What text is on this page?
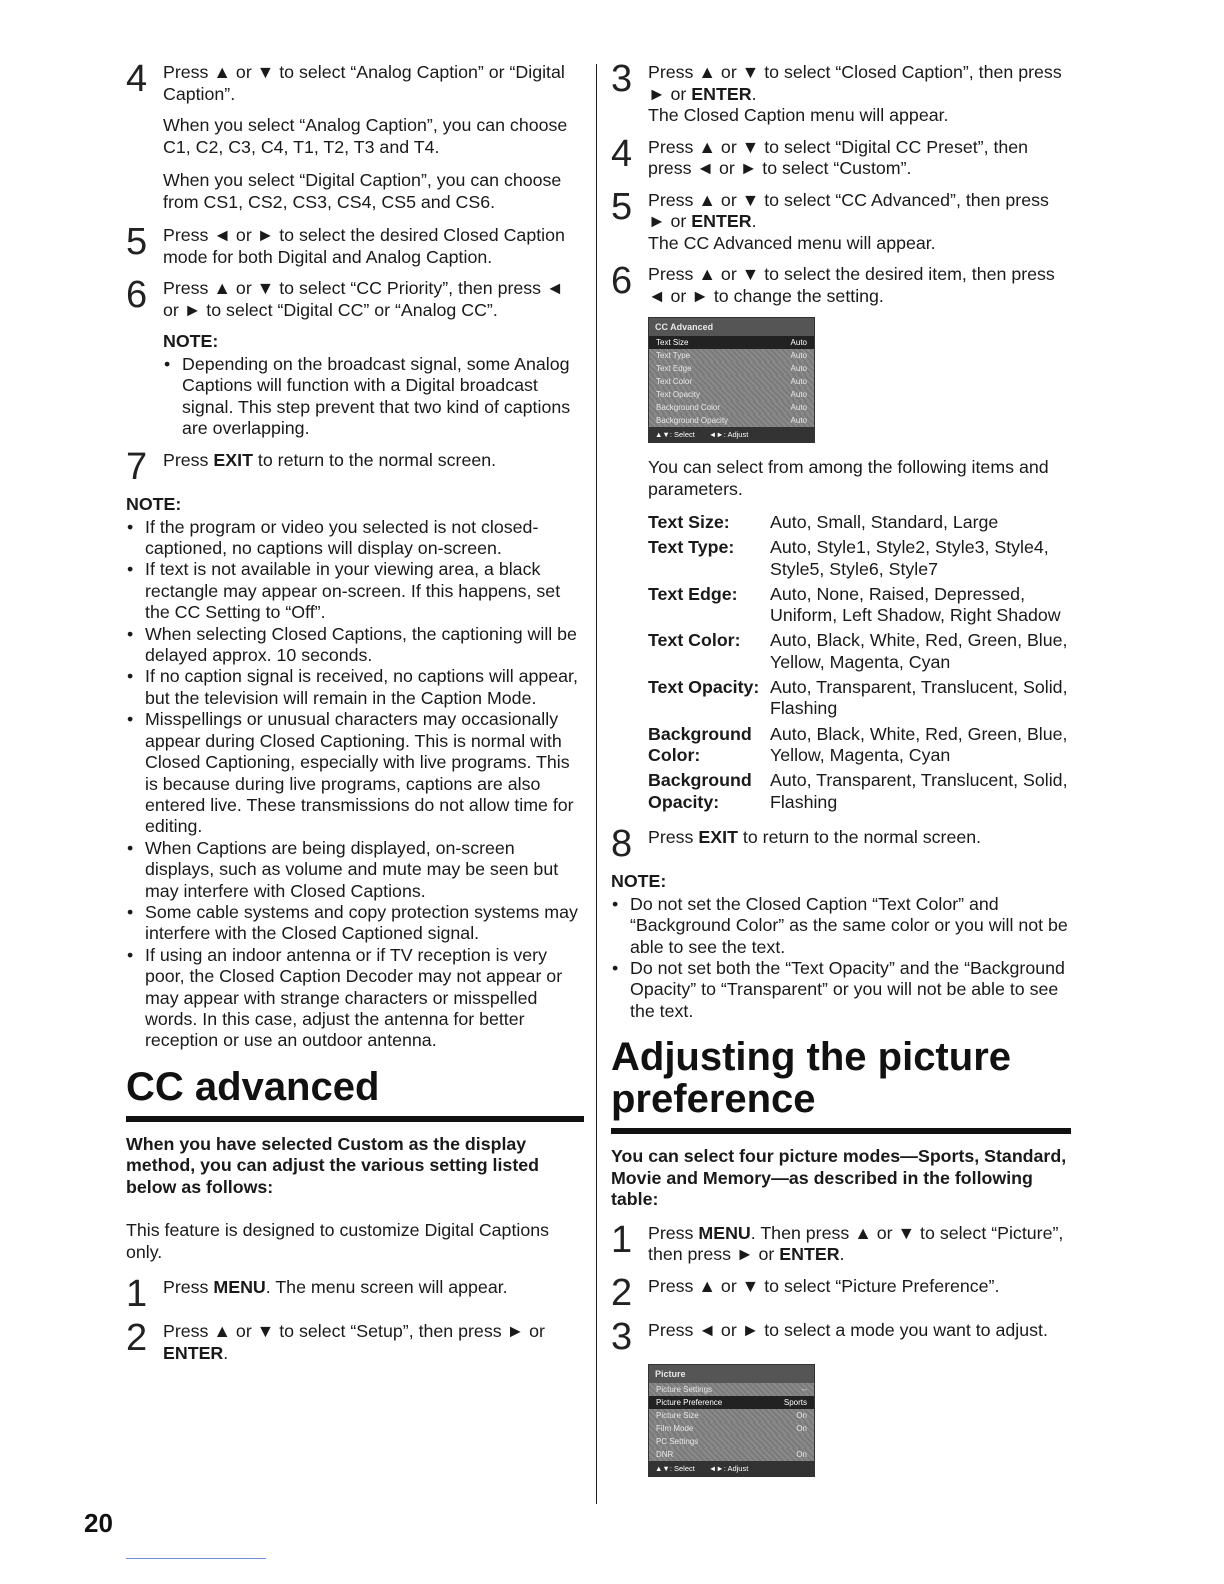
4 Press ▲ or ▼ to select “Analog Caption” or “Digital Caption”.
When you select “Analog Caption”, you can choose C1, C2, C3, C4, T1, T2, T3 and T4.
When you select “Digital Caption”, you can choose from CS1, CS2, CS3, CS4, CS5 and CS6.
5 Press ◄ or ► to select the desired Closed Caption mode for both Digital and Analog Caption.
6 Press ▲ or ▼ to select “CC Priority”, then press ◄ or ► to select “Digital CC” or “Analog CC”.
NOTE:
• Depending on the broadcast signal, some Analog Captions will function with a Digital broadcast signal. This step prevent that two kind of captions are overlapping.
7 Press EXIT to return to the normal screen.
NOTE:
• If the program or video you selected is not closed-captioned, no captions will display on-screen.
• If text is not available in your viewing area, a black rectangle may appear on-screen. If this happens, set the CC Setting to “Off”.
• When selecting Closed Captions, the captioning will be delayed approx. 10 seconds.
• If no caption signal is received, no captions will appear, but the television will remain in the Caption Mode.
• Misspellings or unusual characters may occasionally appear during Closed Captioning. This is normal with Closed Captioning, especially with live programs. This is because during live programs, captions are also entered live. These transmissions do not allow time for editing.
• When Captions are being displayed, on-screen displays, such as volume and mute may be seen but may interfere with Closed Captions.
• Some cable systems and copy protection systems may interfere with the Closed Captioned signal.
• If using an indoor antenna or if TV reception is very poor, the Closed Caption Decoder may not appear or may appear with strange characters or misspelled words. In this case, adjust the antenna for better reception or use an outdoor antenna.
CC advanced
When you have selected Custom as the display method, you can adjust the various setting listed below as follows:
This feature is designed to customize Digital Captions only.
1 Press MENU. The menu screen will appear.
2 Press ▲ or ▼ to select “Setup”, then press ► or ENTER.
3 Press ▲ or ▼ to select “Closed Caption”, then press ► or ENTER.
The Closed Caption menu will appear.
4 Press ▲ or ▼ to select “Digital CC Preset”, then press ◄ or ► to select “Custom”.
5 Press ▲ or ▼ to select “CC Advanced”, then press ► or ENTER.
The CC Advanced menu will appear.
6 Press ▲ or ▼ to select the desired item, then press ◄ or ► to change the setting.
CC Advanced
Text Size	Auto
Text Type	Auto
Text Edge	Auto
Text Color	Auto
Text Opacity	Auto
Background Color	Auto
Background Opacity	Auto
▲▼: Select ◄►: Adjust
You can select from among the following items and parameters.
Text Size:	Auto, Small, Standard, Large
Text Type:	Auto, Style1, Style2, Style3, Style4, Style5, Style6, Style7
Text Edge:	Auto, None, Raised, Depressed, Uniform, Left Shadow, Right Shadow
Text Color:	Auto, Black, White, Red, Green, Blue, Yellow, Magenta, Cyan
Text Opacity:	Auto, Transparent, Translucent, Solid, Flashing
Background Color:	Auto, Black, White, Red, Green, Blue, Yellow, Magenta, Cyan
Background Opacity:	Auto, Transparent, Translucent, Solid, Flashing
8 Press EXIT to return to the normal screen.
NOTE:
• Do not set the Closed Caption “Text Color” and “Background Color” as the same color or you will not be able to see the text.
• Do not set both the “Text Opacity” and the “Background Opacity” to “Transparent” or you will not be able to see the text.
Adjusting the picture preference
You can select four picture modes—Sports, Standard, Movie and Memory—as described in the following table:
1 Press MENU. Then press ▲ or ▼ to select “Picture”, then press ► or ENTER.
2 Press ▲ or ▼ to select “Picture Preference”.
3 Press ◄ or ► to select a mode you want to adjust.
Picture
Picture Settings	--
Picture Preference	Sports
Picture Size	On
Film Mode	On
PC Settings
DNR	On
▲▼: Select ◄►: Adjust
20
